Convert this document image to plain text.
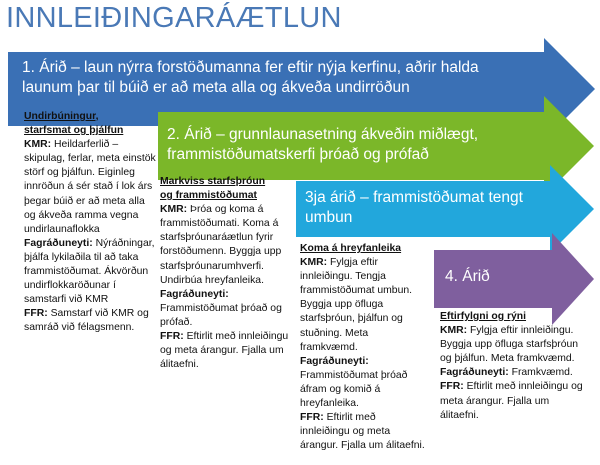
INNLEIÐINGARÁÆTLUN
1. Árið – laun nýrra forstöðumanna fer eftir nýja kerfinu, aðrir halda
launum þar til búið er að meta alla og ákveða undirröðun
2. Árið – grunnlaunasetning ákveðin miðlægt,
frammistöðumatskerfi þróað og prófað
3ja árið – frammistöðumat tengt
umbun
4. Árið

Undirbúningur,

starfsmat og þjálfun

KMR: Heildarferlið – skipulag, ferlar, meta einstök störf og þjálfun. Eiginleg innröðun á sér stað í lok árs þegar búið er að meta alla og ákveða ramma vegna undirlaunaflokka

Fagráðuneyti: Nýráðningar, þjálfa lykilaðila til að taka frammistöðumat. Ákvörðun undirflokkaröðunar í samstarfi við KMR

FFR: Samstarf við KMR og samráð við félagsmenn.

Markviss starfsþróun

og frammistöðumat

KMR: Þróa og koma á frammistöðumati. Koma á starfsþróunaráætlun fyrir forstöðumenn. Byggja upp starfsþróunarumhverfi. Undirbúa hreyfanleika.

Fagráðuneyti: Frammistöðumat þróað og prófað.

FFR: Eftirlit með innleiðingu og meta árangur. Fjalla um álitaefni.

Koma á hreyfanleika

KMR: Fylgja eftir innleiðingu. Tengja frammistöðumat umbun. Byggja upp öfluga starfsþróun, þjálfun og stuðning. Meta framkvæmd.

Fagráðuneyti: Frammistöðumat þróað áfram og komið á hreyfanleika.

FFR: Eftirlit með innleiðingu og meta árangur. Fjalla um álitaefni.

Eftirfylgni og rýni

KMR: Fylgja eftir innleiðingu. Byggja upp öfluga starfsþróun og þjálfun. Meta framkvæmd.

Fagráðuneyti: Framkvæmd.

FFR: Eftirlit með innleiðingu og meta árangur. Fjalla um álitaefni.
